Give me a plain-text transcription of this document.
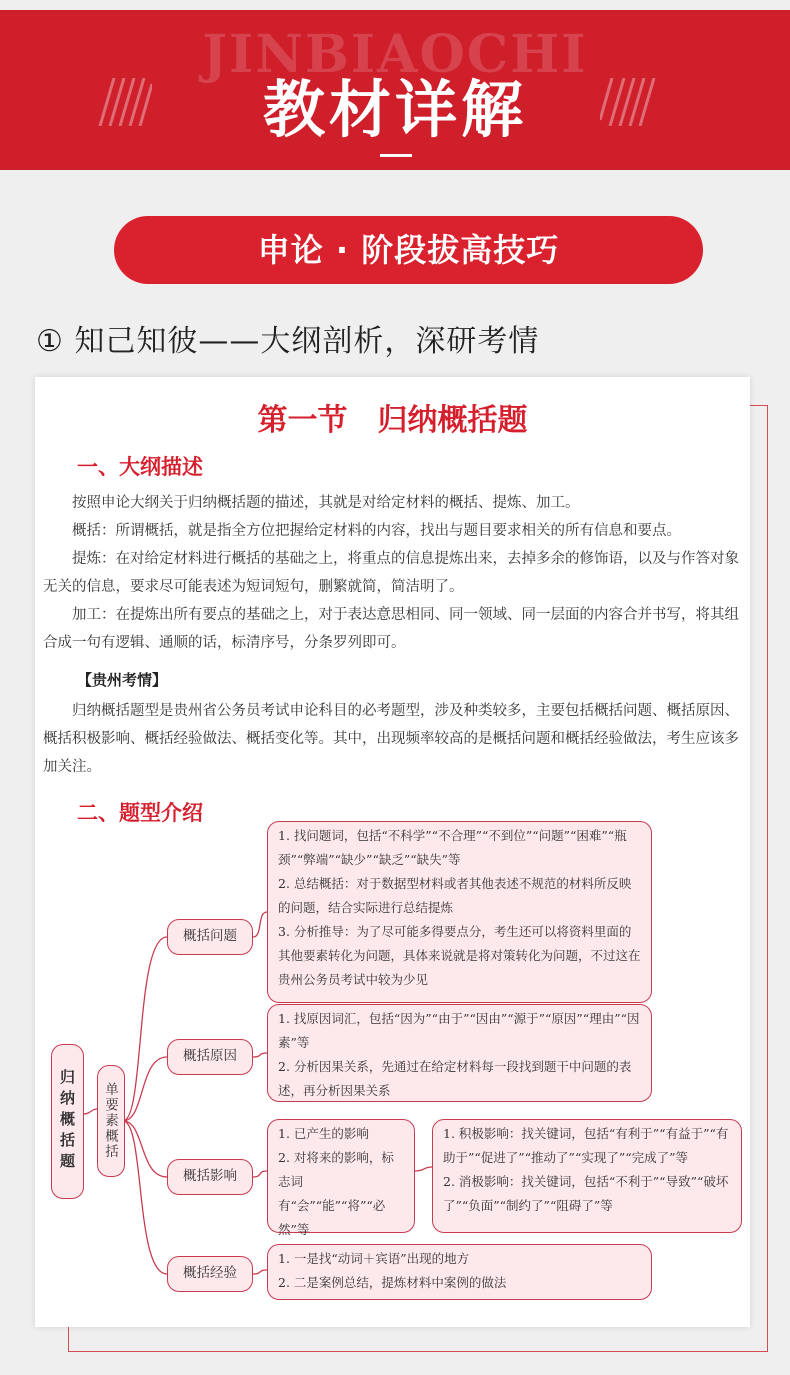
JINBIAOCHI
教材详解
申论 · 阶段拔高技巧
① 知己知彼——大纲剖析，深研考情
第一节　归纳概括题
一、大纲描述

按照申论大纲关于归纳概括题的描述，其就是对给定材料的概括、提炼、加工。

概括：所谓概括，就是指全方位把握给定材料的内容，找出与题目要求相关的所有信息和要点。

提炼：在对给定材料进行概括的基础之上，将重点的信息提炼出来，去掉多余的修饰语，以及与作答对象无关的信息，要求尽可能表述为短词短句，删繁就简，简洁明了。

加工：在提炼出所有要点的基础之上，对于表达意思相同、同一领域、同一层面的内容合并书写，将其组合成一句有逻辑、通顺的话，标清序号，分条罗列即可。

【贵州考情】

归纳概括题型是贵州省公务员考试申论科目的必考题型，涉及种类较多，主要包括概括问题、概括原因、概括积极影响、概括经验做法、概括变化等。其中，出现频率较高的是概括问题和概括经验做法，考生应该多加关注。

二、题型介绍
归纳概括题	单要素概括
概括问题
概括原因
概括影响
概括经验
1. 找问题词，包括“不科学”“不合理”“不到位”“问题”“困难”“瓶颈”“弊端”“缺少”“缺乏”“缺失”等
2. 总结概括：对于数据型材料或者其他表述不规范的材料所反映的问题，结合实际进行总结提炼
3. 分析推导：为了尽可能多得要点分，考生还可以将资料里面的其他要素转化为问题，具体来说就是将对策转化为问题，不过这在贵州公务员考试中较为少见
1. 找原因词汇，包括“因为”“由于”“因由”“源于”“原因”“理由”“因素”等
2. 分析因果关系，先通过在给定材料每一段找到题干中问题的表述，再分析因果关系
1. 已产生的影响
2. 对将来的影响，标志词有“会”“能”“将”“必然”等
1. 积极影响：找关键词，包括“有利于”“有益于”“有助于”“促进了”“推动了”“实现了”“完成了”等
2. 消极影响：找关键词，包括“不利于”“导致”“破坏了”“负面”“制约了”“阻碍了”等
1. 一是找“动词＋宾语”出现的地方
2. 二是案例总结，提炼材料中案例的做法
